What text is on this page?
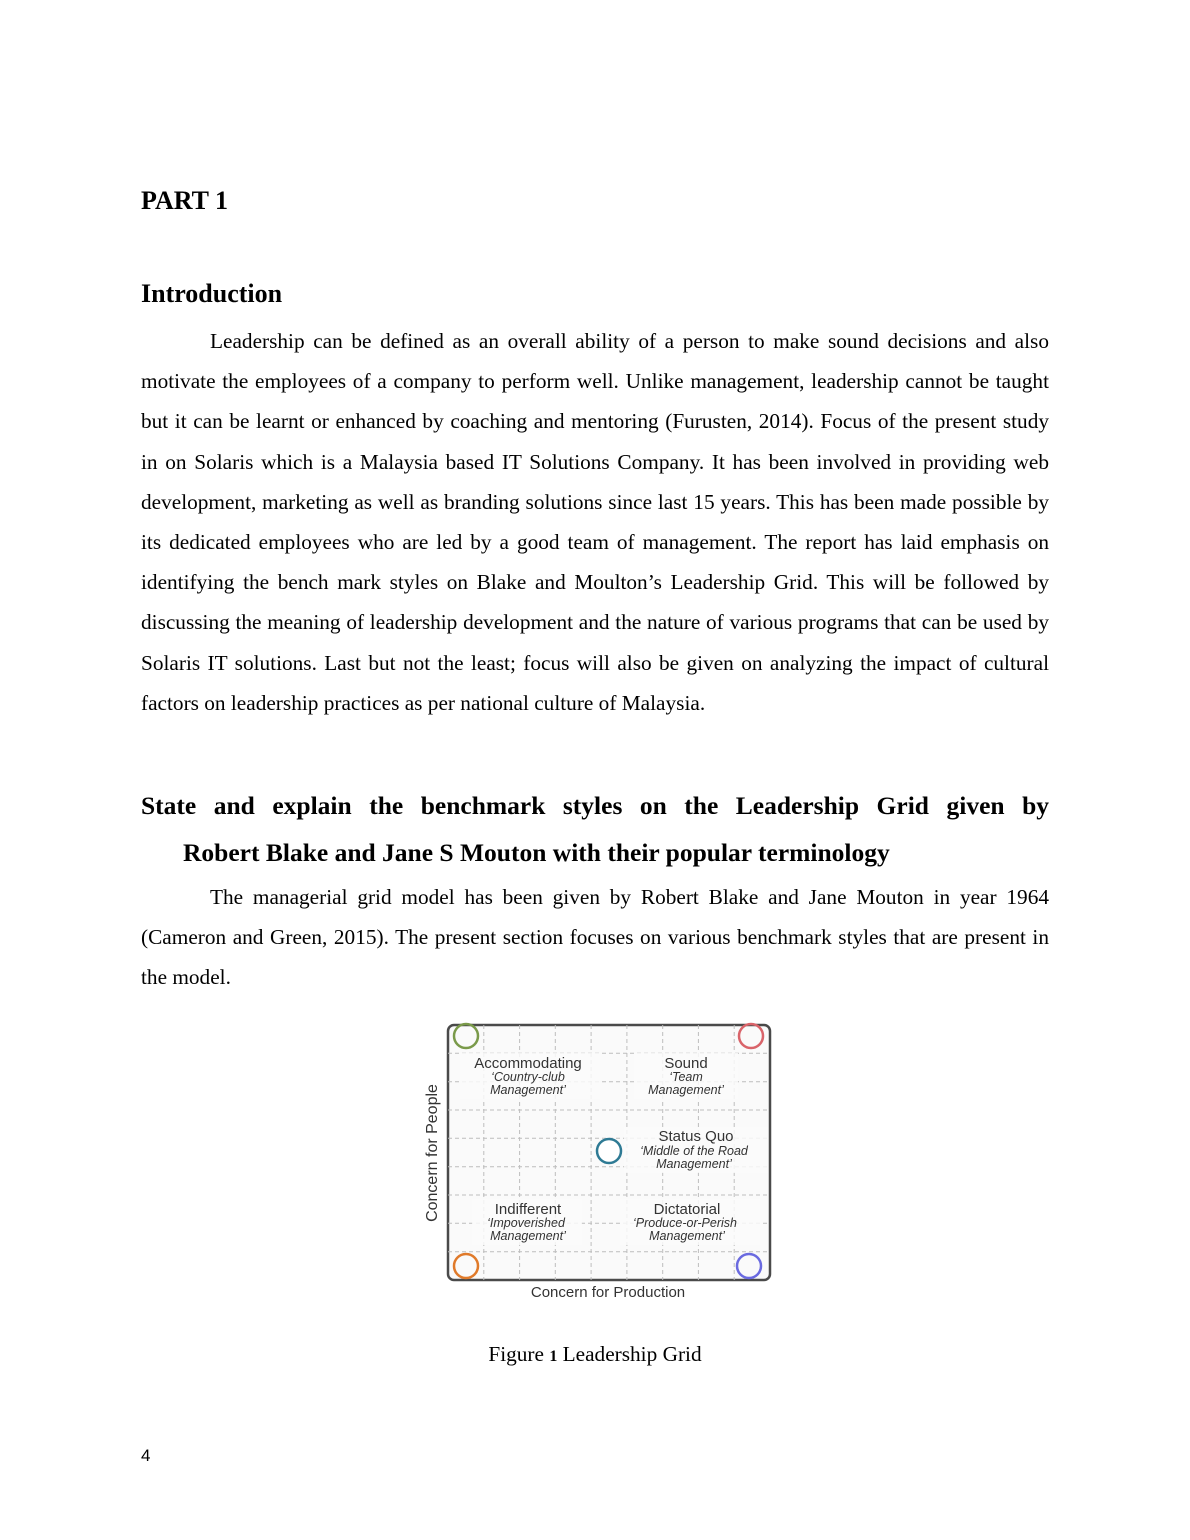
PART 1
Introduction

Leadership can be defined as an overall ability of a person to make sound decisions and also motivate the employees of a company to perform well. Unlike management, leadership cannot be taught but it can be learnt or enhanced by coaching and mentoring (Furusten, 2014). Focus of the present study in on Solaris which is a Malaysia based IT Solutions Company. It has been involved in providing web development, marketing as well as branding solutions since last 15 years. This has been made possible by its dedicated employees who are led by a good team of management. The report has laid emphasis on identifying the bench mark styles on Blake and Moulton’s Leadership Grid. This will be followed by discussing the meaning of leadership development and the nature of various programs that can be used by Solaris IT solutions. Last but not the least; focus will also be given on analyzing the impact of cultural factors on leadership practices as per national culture of Malaysia.

State and explain the benchmark styles on the Leadership Grid given by
Robert Blake and Jane S Mouton with their popular terminology

The managerial grid model has been given by Robert Blake and Jane Mouton in year 1964 (Cameron and Green, 2015). The present section focuses on various benchmark styles that are present in the model.

Accommodating
‘Country-club
Management’
Sound
‘Team
Management’
Status Quo
‘Middle of the Road
Management’
Indifferent
‘Impoverished
Management’
Dictatorial
‘Produce-or-Perish
Management’
Concern for People
Concern for Production

Figure 1 Leadership Grid

4
